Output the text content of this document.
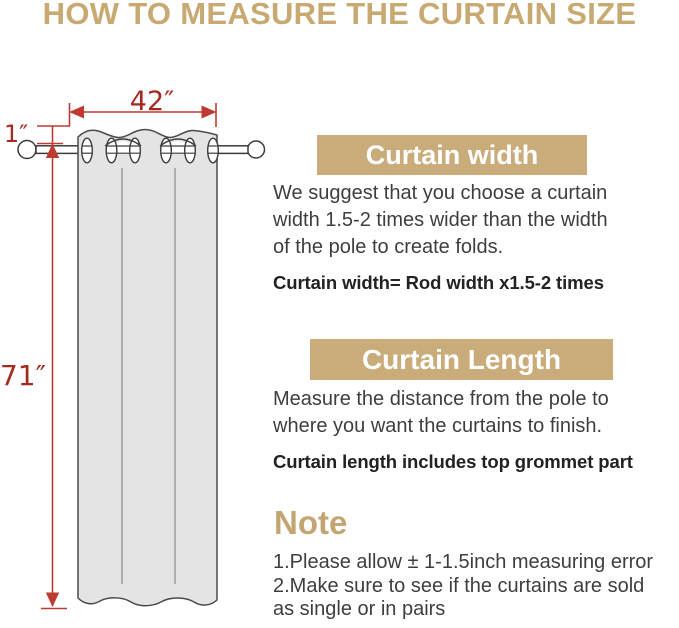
HOW TO MEASURE THE CURTAIN SIZE
42″
1″
71″
Curtain width
We suggest that you choose a curtain
width 1.5-2 times wider than the width
of the pole to create folds.
Curtain width= Rod width x1.5-2 times
Curtain Length
Measure the distance from the pole to
where you want the curtains to finish.
Curtain length includes top grommet part
Note
1.Please allow ± 1-1.5inch measuring error
2.Make sure to see if the curtains are sold
as single or in pairs
